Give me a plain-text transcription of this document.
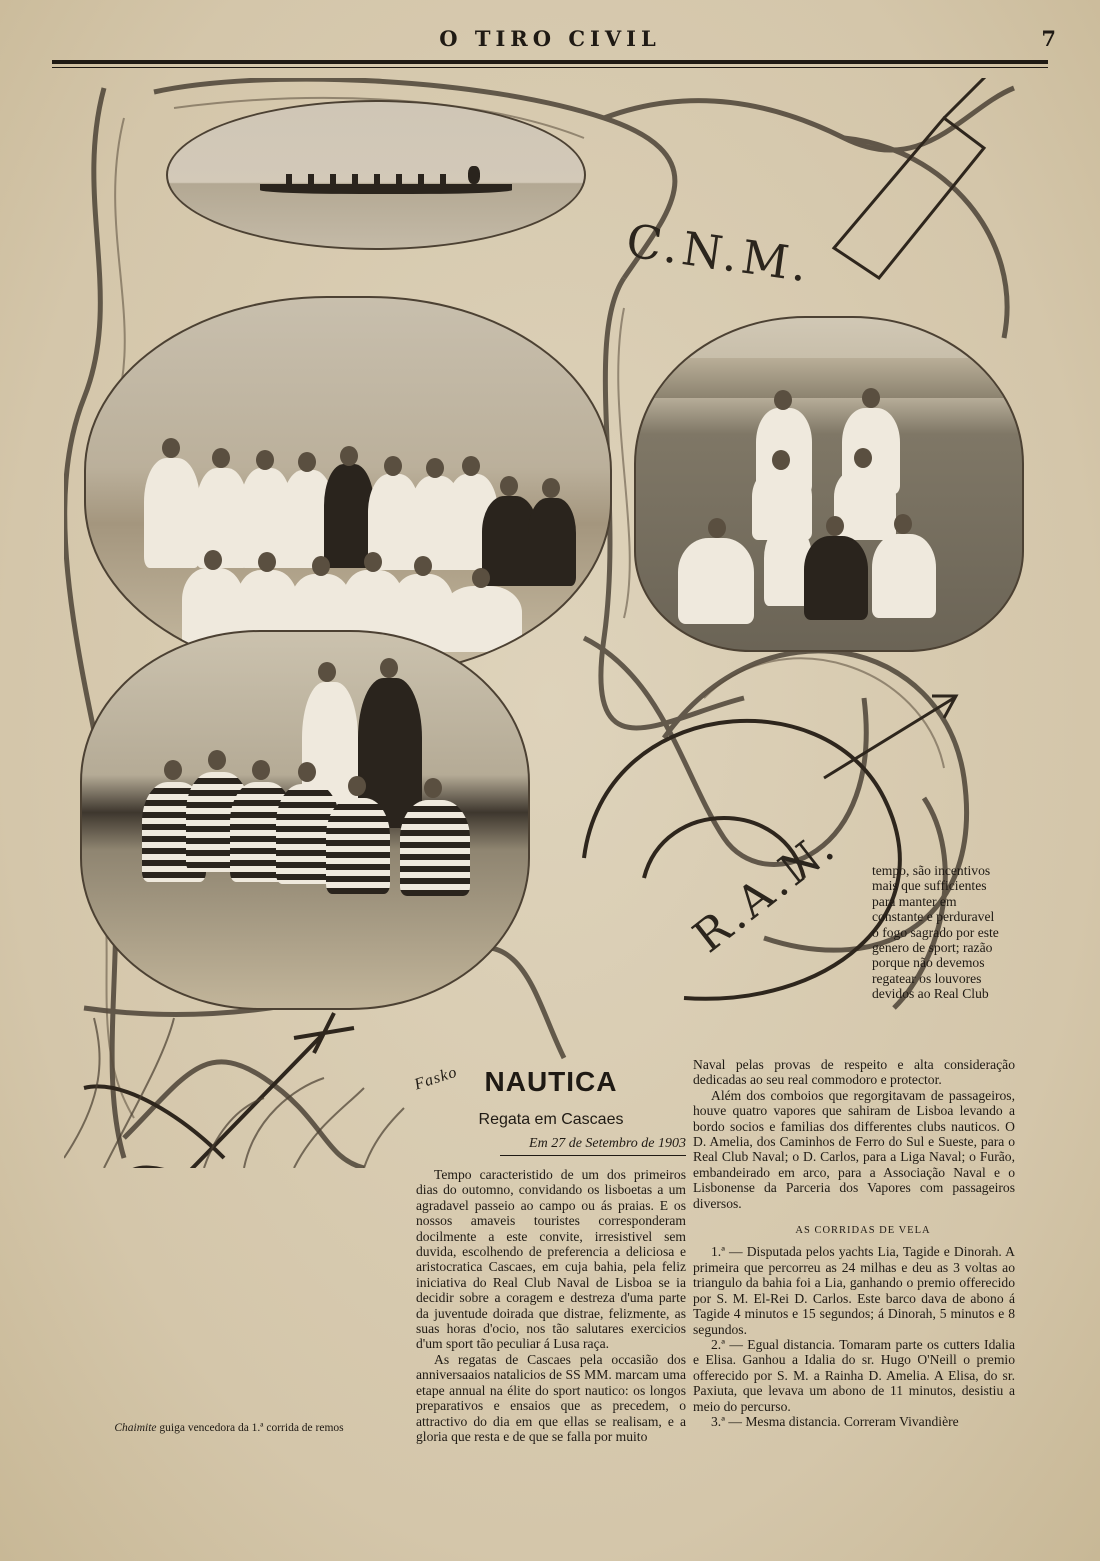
O TIRO CIVIL	7
C.N.M.
R.A.N.
Fasko
Chaimite guiga vencedora da 1.ª corrida de remos

tempo, são incentivos mais que sufficientes para manter em constante e perduravel o fogo sagrado por este genero de sport; razão porque não devemos regatear os louvores devidos ao Real Club

NAUTICA
Regata em Cascaes
Em 27 de Setembro de 1903

Tempo caracteristido de um dos primeiros dias do outomno, convidando os lisboetas a um agradavel passeio ao campo ou ás praias. E os nossos amaveis touristes corresponderam docilmente a este convite, irresistivel sem duvida, escolhendo de preferencia a deliciosa e aristocratica Cascaes, em cuja bahia, pela feliz iniciativa do Real Club Naval de Lisboa se ia decidir sobre a coragem e destreza d'uma parte da juventude doirada que distrae, felizmente, as suas horas d'ocio, nos tão salutares exercicios d'um sport tão peculiar á Lusa raça.

As regatas de Cascaes pela occasião dos anniversaaios natalicios de SS MM. marcam uma etape annual na élite do sport nautico: os longos preparativos e ensaios que as precedem, o attractivo do dia em que ellas se realisam, e a gloria que resta e de que se falla por muito

Naval pelas provas de respeito e alta consideração dedicadas ao seu real commodoro e protector.

Além dos comboios que regorgitavam de passageiros, houve quatro vapores que sahiram de Lisboa levando a bordo socios e familias dos differentes clubs nauticos. O D. Amelia, dos Caminhos de Ferro do Sul e Sueste, para o Real Club Naval; o D. Carlos, para a Liga Naval; o Furão, embandeirado em arco, para a Associação Naval e o Lisbonense da Parceria dos Vapores com passageiros diversos.

AS CORRIDAS DE VELA

1.ª — Disputada pelos yachts Lia, Tagide e Dinorah. A primeira que percorreu as 24 milhas e deu as 3 voltas ao triangulo da bahia foi a Lia, ganhando o premio offerecido por S. M. El-Rei D. Carlos. Este barco dava de abono á Tagide 4 minutos e 15 segundos; á Dinorah, 5 minutos e 8 segundos.

2.ª — Egual distancia. Tomaram parte os cutters Idalia e Elisa. Ganhou a Idalia do sr. Hugo O'Neill o premio offerecido por S. M. a Rainha D. Amelia. A Elisa, do sr. Paxiuta, que levava um abono de 11 minutos, desistiu a meio do percurso.

3.ª — Mesma distancia. Correram Vivandière
